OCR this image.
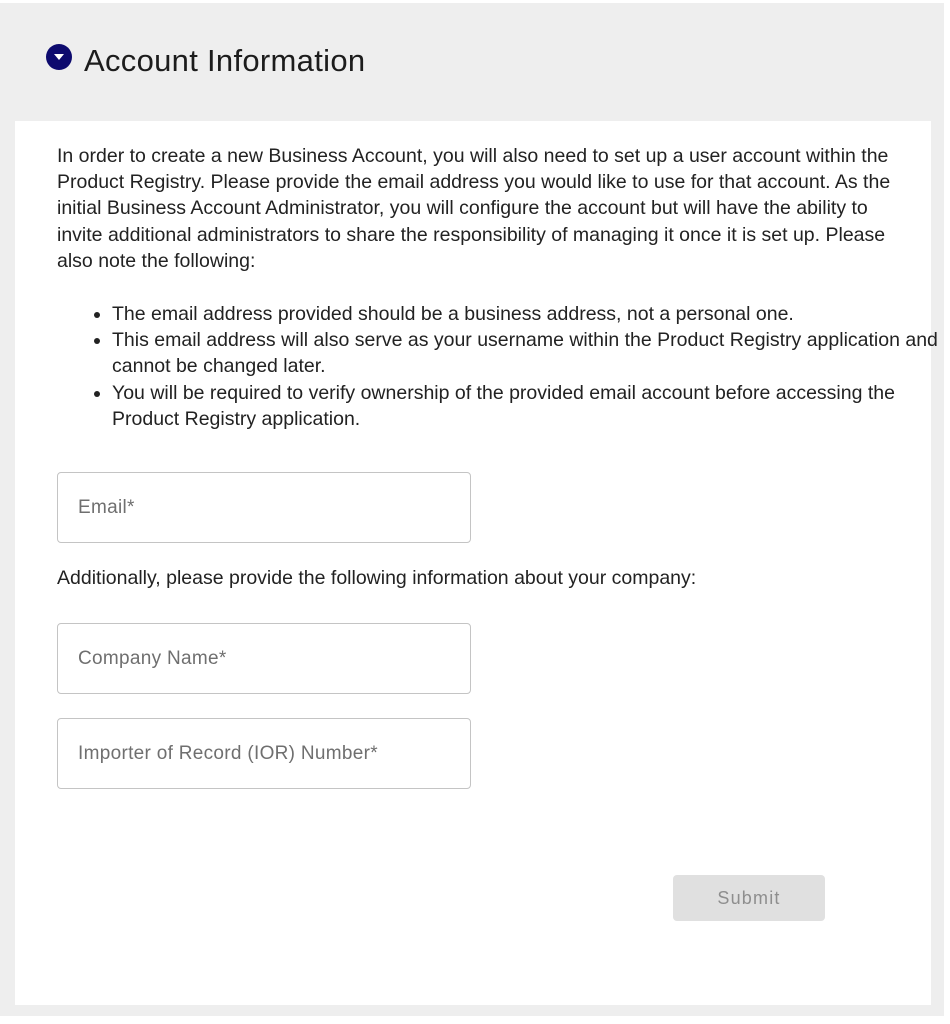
Account Information
In order to create a new Business Account, you will also need to set up a user account within the Product Registry. Please provide the email address you would like to use for that account. As the initial Business Account Administrator, you will configure the account but will have the ability to invite additional administrators to share the responsibility of managing it once it is set up. Please also note the following:
• The email address provided should be a business address, not a personal one.
• This email address will also serve as your username within the Product Registry application and cannot be changed later.
• You will be required to verify ownership of the provided email account before accessing the Product Registry application.
Email*
Additionally, please provide the following information about your company:
Company Name*
Importer of Record (IOR) Number*
Submit
